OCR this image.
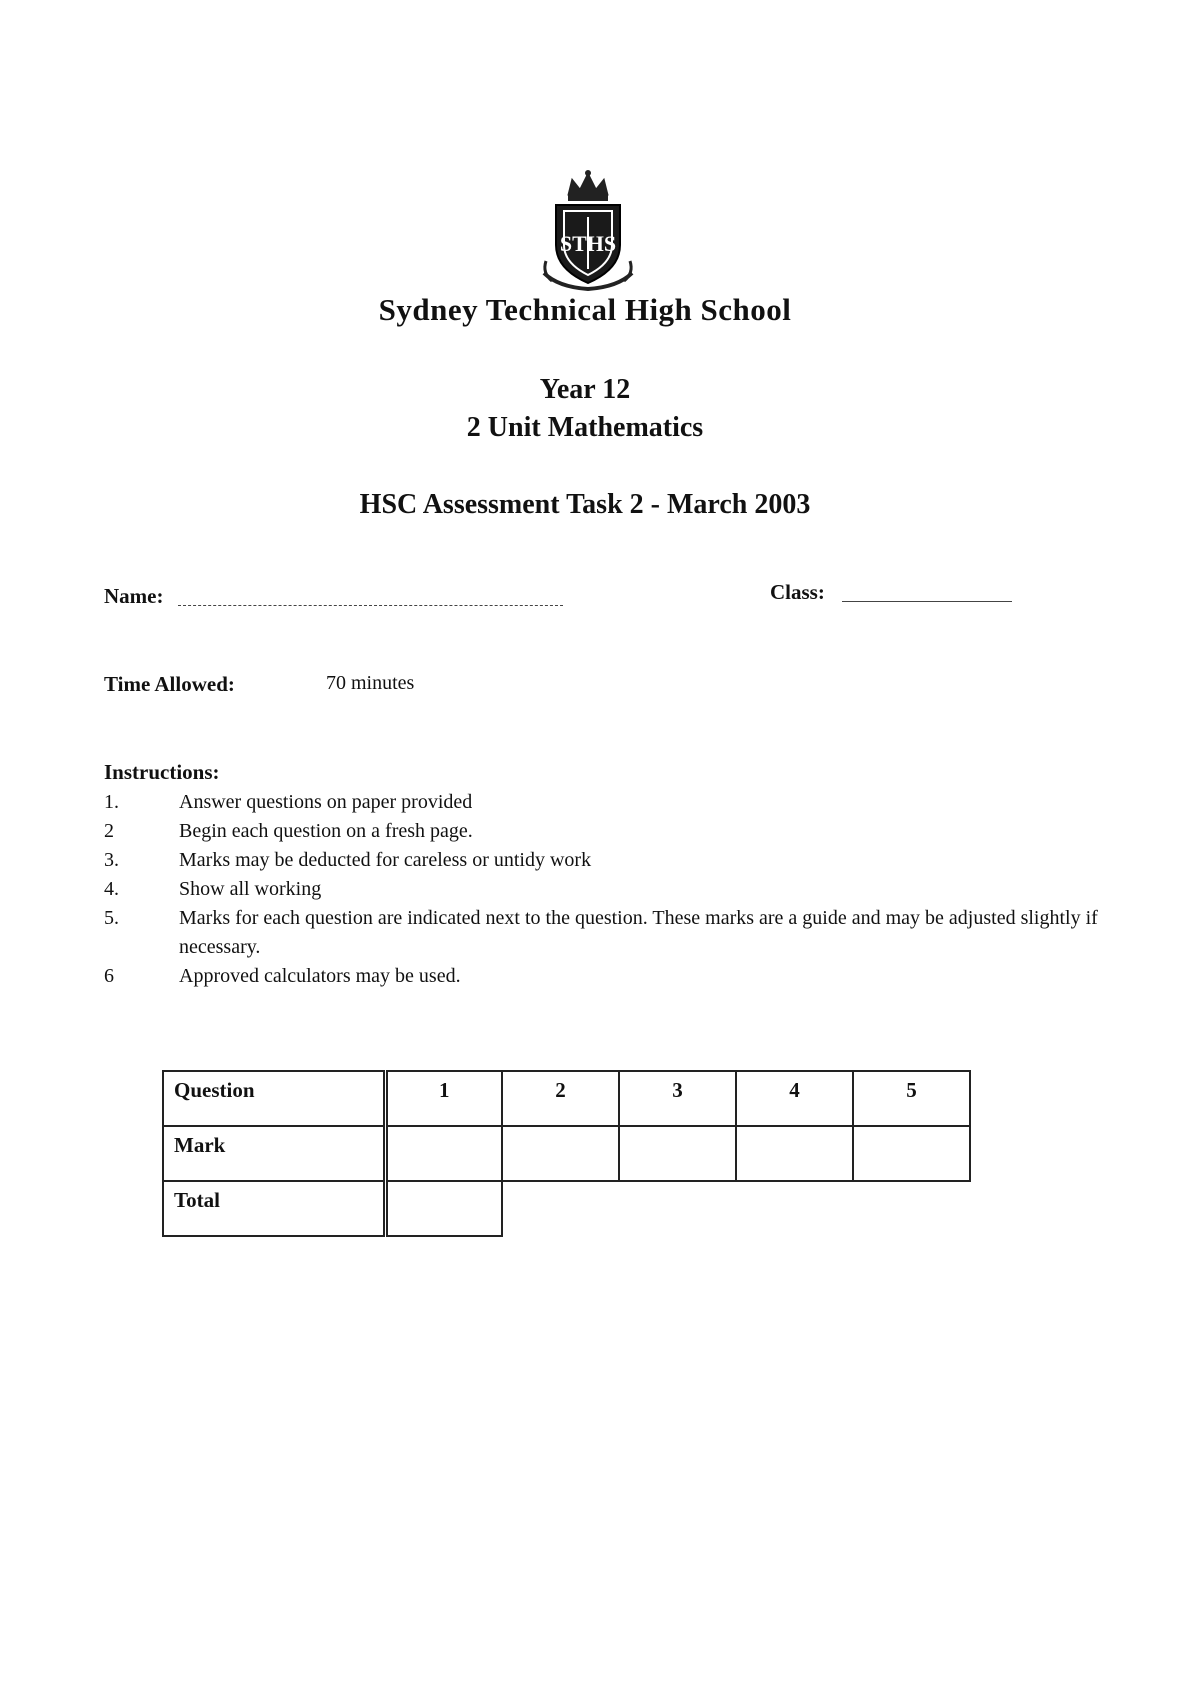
STHS
Sydney Technical High School
Year 12
2 Unit Mathematics
HSC Assessment Task 2 - March 2003
Name:	Class:
Time Allowed:	70 minutes
Instructions:
1.	Answer questions on paper provided
2	Begin each question on a fresh page.
3.	Marks may be deducted for careless or untidy work
4.	Show all working
5.	Marks for each question are indicated next to the question. These marks are a guide and may be adjusted slightly if necessary.
6	Approved calculators may be used.
Question	1	2	3	4	5
Mark					
Total					
